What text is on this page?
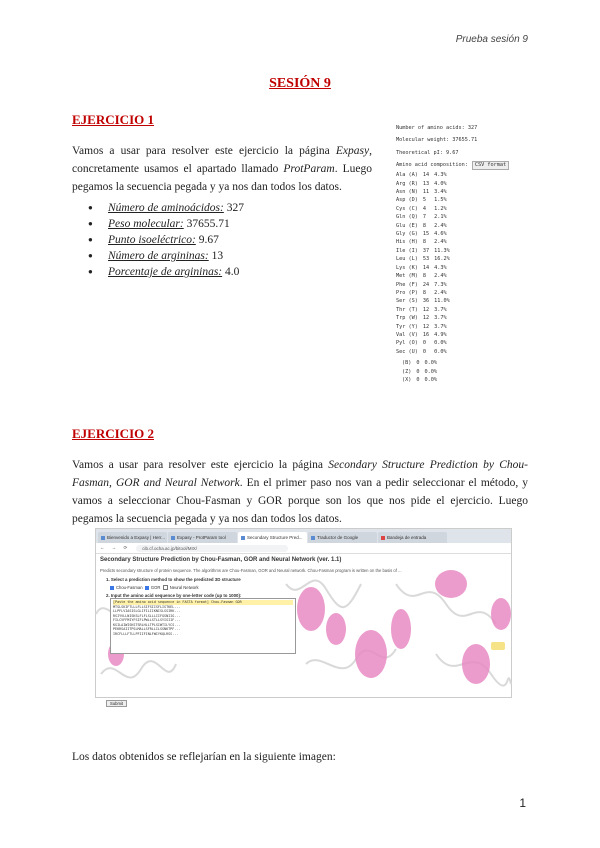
Prueba sesión 9
SESIÓN 9
EJERCICIO 1
Vamos a usar para resolver este ejercicio la página Expasy, concretamente usamos el apartado llamado ProtParam. Luego pegamos la secuencia pegada y ya nos dan todos los datos.
● Número de aminoácidos: 327
● Peso molecular: 37655.71
● Punto isoeléctrico: 9.67
● Número de argininas: 13
● Porcentaje de argininas: 4.0
Number of amino acids: 327
Molecular weight: 37655.71
Theoretical pI: 9.67
Amino acid composition: CSV format
Ala (A)	14	4.3%
Arg (R)	13	4.0%
Asn (N)	11	3.4%
Asp (D)	5	1.5%
Cys (C)	4	1.2%
Gln (Q)	7	2.1%
Glu (E)	8	2.4%
Gly (G)	15	4.6%
His (H)	8	2.4%
Ile (I)	37	11.3%
Leu (L)	53	16.2%
Lys (K)	14	4.3%
Met (M)	8	2.4%
Phe (F)	24	7.3%
Pro (P)	8	2.4%
Ser (S)	36	11.0%
Thr (T)	12	3.7%
Trp (W)	12	3.7%
Tyr (Y)	12	3.7%
Val (V)	16	4.9%
Pyl (O)	0	0.0%
Sec (U)	0	0.0%
(B)	0	0.0%
(Z)	0	0.0%
(X)	0	0.0%
EJERCICIO 2
Vamos a usar para resolver este ejercicio la página Secondary Structure Prediction by Chou-Fasman, GOR and Neural Network. En el primer paso nos van a pedir seleccionar el método, y vamos a seleccionar Chou-Fasman y GOR porque son los que nos pide el ejercicio. Luego pegamos la secuencia pegada y ya nos dan todos los datos.
Bienvenido a Expasy | Herr...	Expasy - ProtParam tool	Secondary Structure Pred...	Traductor de Google	Bandeja de entrada
← → ⟳	cib.cf.ocha.ac.jp/bitool/MIX/
Secondary Structure Prediction by Chou-Fasman, GOR and Neural Network (ver. 1.1)
Predicts secondary structure of protein sequence. The algorithms are Chou-Fasman, GOR and Neural network. Chou-Fasman program is written on the basis of ...
1. Select a prediction method to show the predicted 3D structure
Chou-Fasman GOR Neural Network
2. Input the amino acid sequence by one-letter code (up to 1000):
[Paste the amino acid sequence in FASTA format] Chou-Fasman GOR
MTSLSKIFTLLLFLLSIFSIISFLISTKEL...
LLPFLVIASISLGLIFILIIKNISLSSIRK...
RSIYVLLNISKSLFLFLSLLLIIFGSNIIG...
FILCVFFMIYFSIFLPWLLSTLLSYISIIF...
KSILAIWISKSTSRLHLLTPLSIWTILYCS...
PEKRSAIITPSLMALLSFRLLILSSNKTPF...
IRCFLLLFTLLPFIIFINLFWIYKQLRSS...
Submit
Los datos obtenidos se reflejarían en la siguiente imagen:
1
